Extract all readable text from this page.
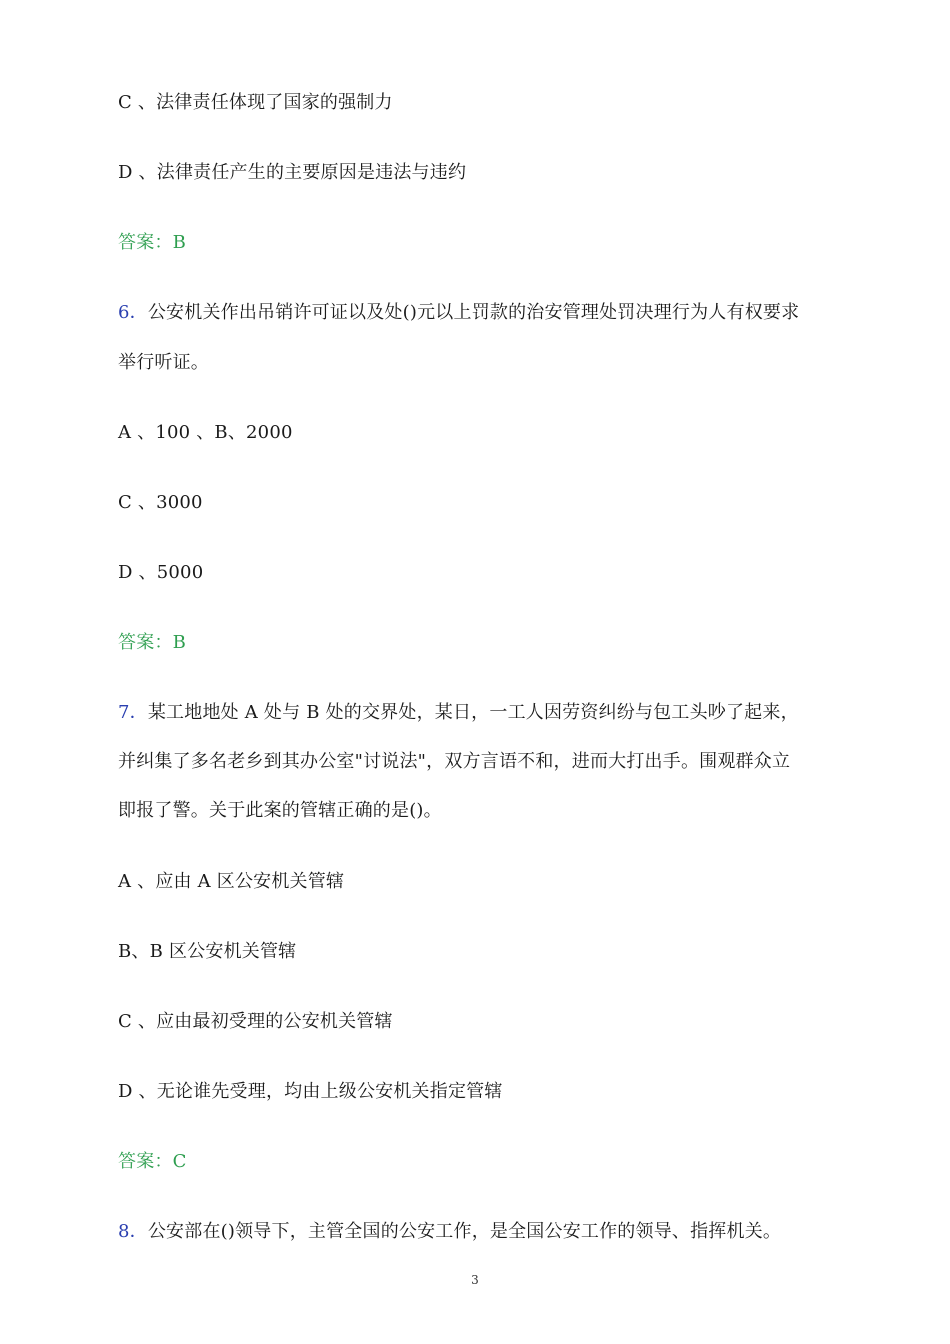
C 、法律责任体现了国家的强制力
D 、法律责任产生的主要原因是违法与违约
答案：B
6．公安机关作出吊销许可证以及处()元以上罚款的治安管理处罚决理行为人有权要求
举行听证。
A 、100 、B、2000
C 、3000
D 、5000
答案：B
7．某工地地处 A 处与 B 处的交界处，某日，一工人因劳资纠纷与包工头吵了起来，
并纠集了多名老乡到其办公室"讨说法"，双方言语不和，进而大打出手。围观群众立
即报了警。关于此案的管辖正确的是()。
A 、应由 A 区公安机关管辖
B、B 区公安机关管辖
C 、应由最初受理的公安机关管辖
D 、无论谁先受理，均由上级公安机关指定管辖
答案：C
8．公安部在()领导下，主管全国的公安工作，是全国公安工作的领导、指挥机关。
3
